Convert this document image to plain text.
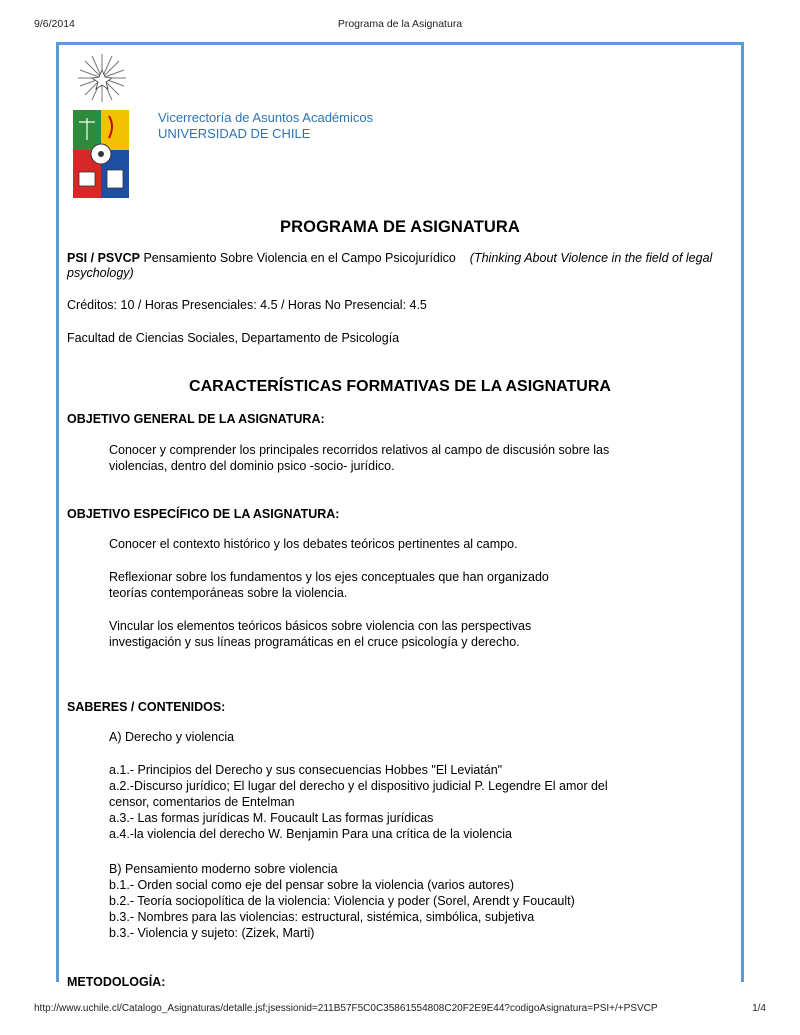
9/6/2014	Programa de la Asignatura
Vicerrectoría de Asuntos Académicos
UNIVERSIDAD DE CHILE
PROGRAMA DE ASIGNATURA
PSI / PSVCP Pensamiento Sobre Violencia en el Campo Psicojurídico (Thinking About Violence in the field of legal psychology)
Créditos: 10 / Horas Presenciales: 4.5 / Horas No Presencial: 4.5
Facultad de Ciencias Sociales, Departamento de Psicología
CARACTERÍSTICAS FORMATIVAS DE LA ASIGNATURA
OBJETIVO GENERAL DE LA ASIGNATURA:
Conocer y comprender los principales recorridos relativos al campo de discusión sobre las
violencias, dentro del dominio psico -socio- jurídico.
OBJETIVO ESPECÍFICO DE LA ASIGNATURA:
Conocer el contexto histórico y los debates teóricos pertinentes al campo.
Reflexionar sobre los fundamentos y los ejes conceptuales que han organizado
teorías contemporáneas sobre la violencia.
Vincular los elementos teóricos básicos sobre violencia con las perspectivas
investigación y sus líneas programáticas en el cruce psicología y derecho.
SABERES / CONTENIDOS:
A) Derecho y violencia
a.1.- Principios del Derecho y sus consecuencias Hobbes "El Leviatán"
a.2.-Discurso jurídico; El lugar del derecho y el dispositivo judicial P. Legendre El amor del
censor, comentarios de Entelman
a.3.- Las formas jurídicas M. Foucault Las formas jurídicas
a.4.-la violencia del derecho W. Benjamin Para una crítica de la violencia
B) Pensamiento moderno sobre violencia
b.1.- Orden social como eje del pensar sobre la violencia (varios autores)
b.2.- Teoría sociopolítica de la violencia: Violencia y poder (Sorel, Arendt y Foucault)
b.3.- Nombres para las violencias: estructural, sistémica, simbólica, subjetiva
b.3.- Violencia y sujeto: (Zizek, Marti)
METODOLOGÍA:
http://www.uchile.cl/Catalogo_Asignaturas/detalle.jsf;jsessionid=211B57F5C0C35861554808C20F2E9E44?codigoAsignatura=PSI+/+PSVCP	1/4
